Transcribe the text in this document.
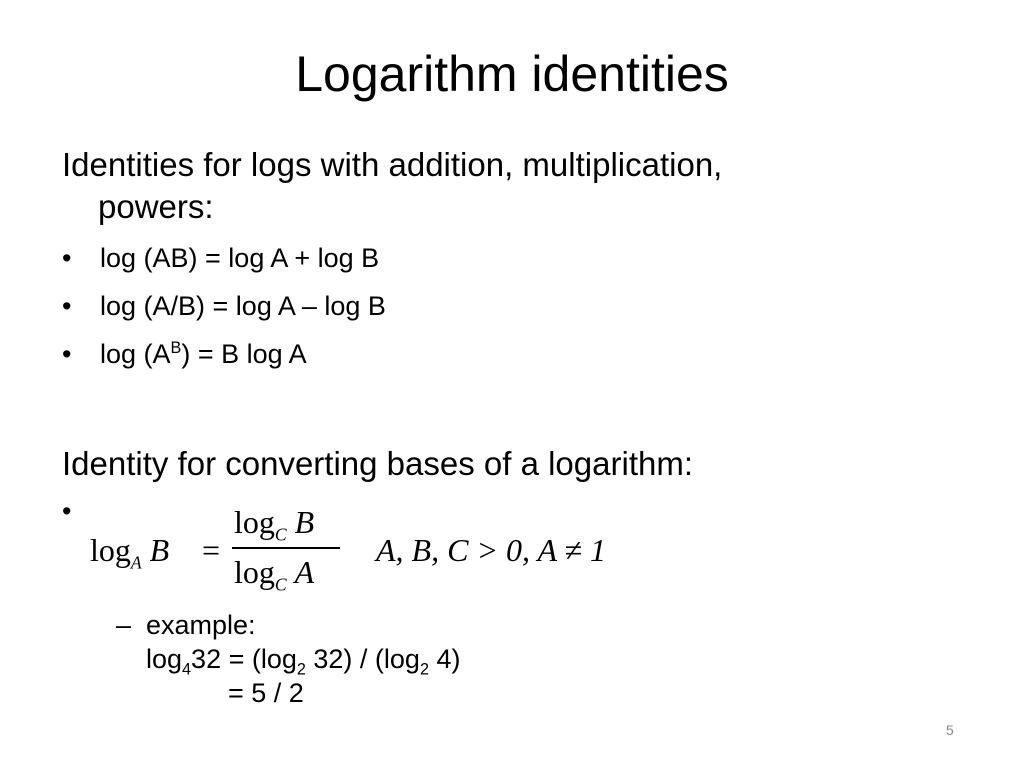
Logarithm identities
Identities for logs with addition, multiplication,
powers:
• log (AB) = log A + log B
• log (A/B) = log A – log B
• $\log (A^B) = B$ log A
Identity for converting bases of a logarithm:
•
$\log_A B$ =
$\log_C B$
$\log_C A$
A, B, C > 0, A ≠ 1
– example:
$\log_432 = (\log_2$ $32) / (\log_2$ 4)
= 5 / 2
5
